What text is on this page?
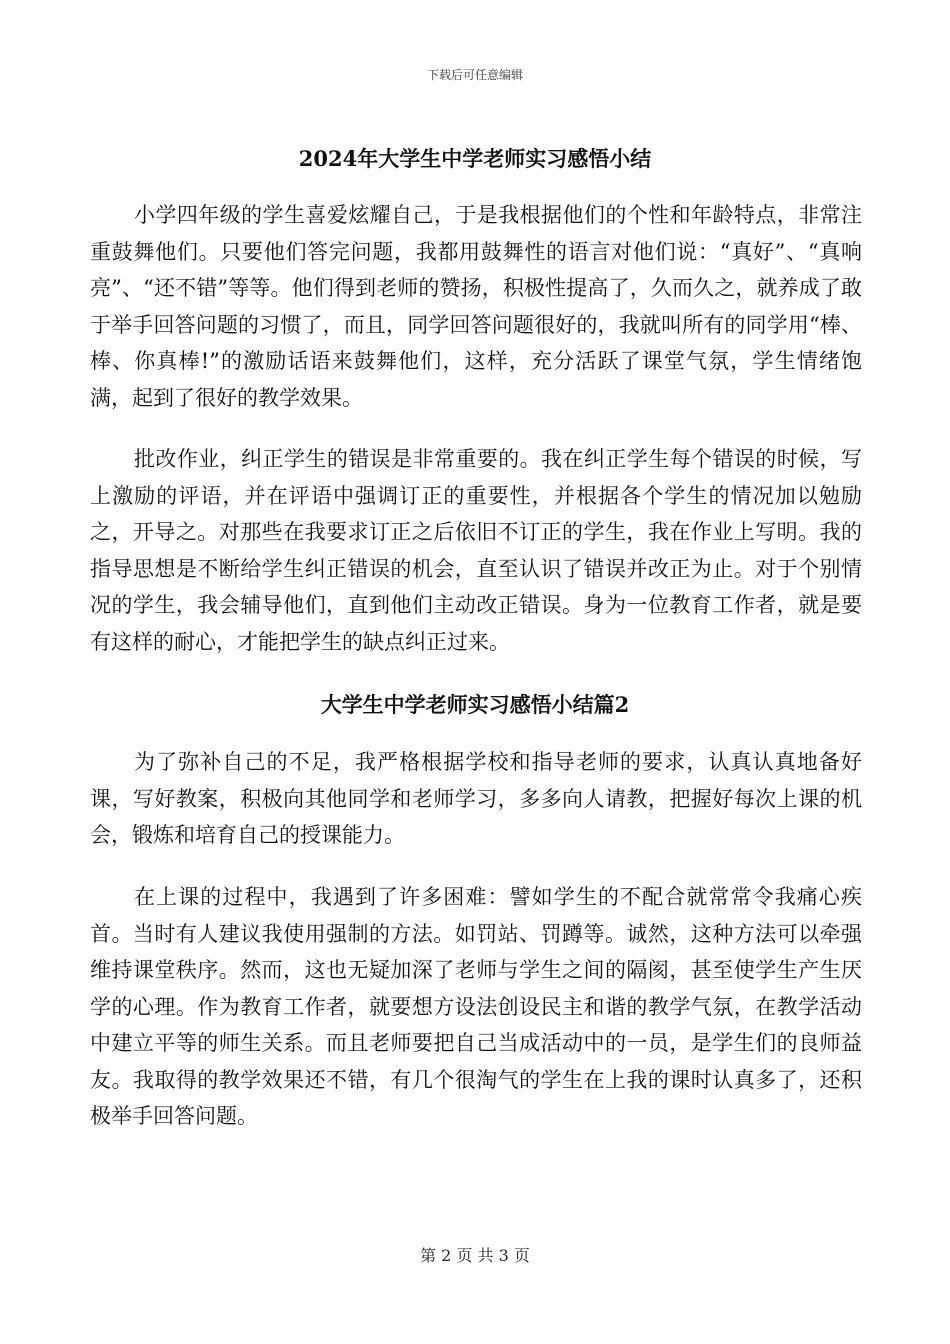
下载后可任意编辑
2024年大学生中学老师实习感悟小结

小学四年级的学生喜爱炫耀自己，于是我根据他们的个性和年龄特点，非常注重鼓舞他们。只要他们答完问题，我都用鼓舞性的语言对他们说：“真好”、“真响亮”、“还不错”等等。他们得到老师的赞扬，积极性提高了，久而久之，就养成了敢于举手回答问题的习惯了，而且，同学回答问题很好的，我就叫所有的同学用“棒、棒、你真棒!”的激励话语来鼓舞他们，这样，充分活跃了课堂气氛，学生情绪饱满，起到了很好的教学效果。

批改作业，纠正学生的错误是非常重要的。我在纠正学生每个错误的时候，写上激励的评语，并在评语中强调订正的重要性，并根据各个学生的情况加以勉励之，开导之。对那些在我要求订正之后依旧不订正的学生，我在作业上写明。我的指导思想是不断给学生纠正错误的机会，直至认识了错误并改正为止。对于个别情况的学生，我会辅导他们，直到他们主动改正错误。身为一位教育工作者，就是要有这样的耐心，才能把学生的缺点纠正过来。

大学生中学老师实习感悟小结篇2

为了弥补自己的不足，我严格根据学校和指导老师的要求，认真认真地备好课，写好教案，积极向其他同学和老师学习，多多向人请教，把握好每次上课的机会，锻炼和培育自己的授课能力。

在上课的过程中，我遇到了许多困难：譬如学生的不配合就常常令我痛心疾首。当时有人建议我使用强制的方法。如罚站、罚蹲等。诚然，这种方法可以牵强维持课堂秩序。然而，这也无疑加深了老师与学生之间的隔阂，甚至使学生产生厌学的心理。作为教育工作者，就要想方设法创设民主和谐的教学气氛，在教学活动中建立平等的师生关系。而且老师要把自己当成活动中的一员，是学生们的良师益友。我取得的教学效果还不错，有几个很淘气的学生在上我的课时认真多了，还积极举手回答问题。

第 2 页 共 3 页
